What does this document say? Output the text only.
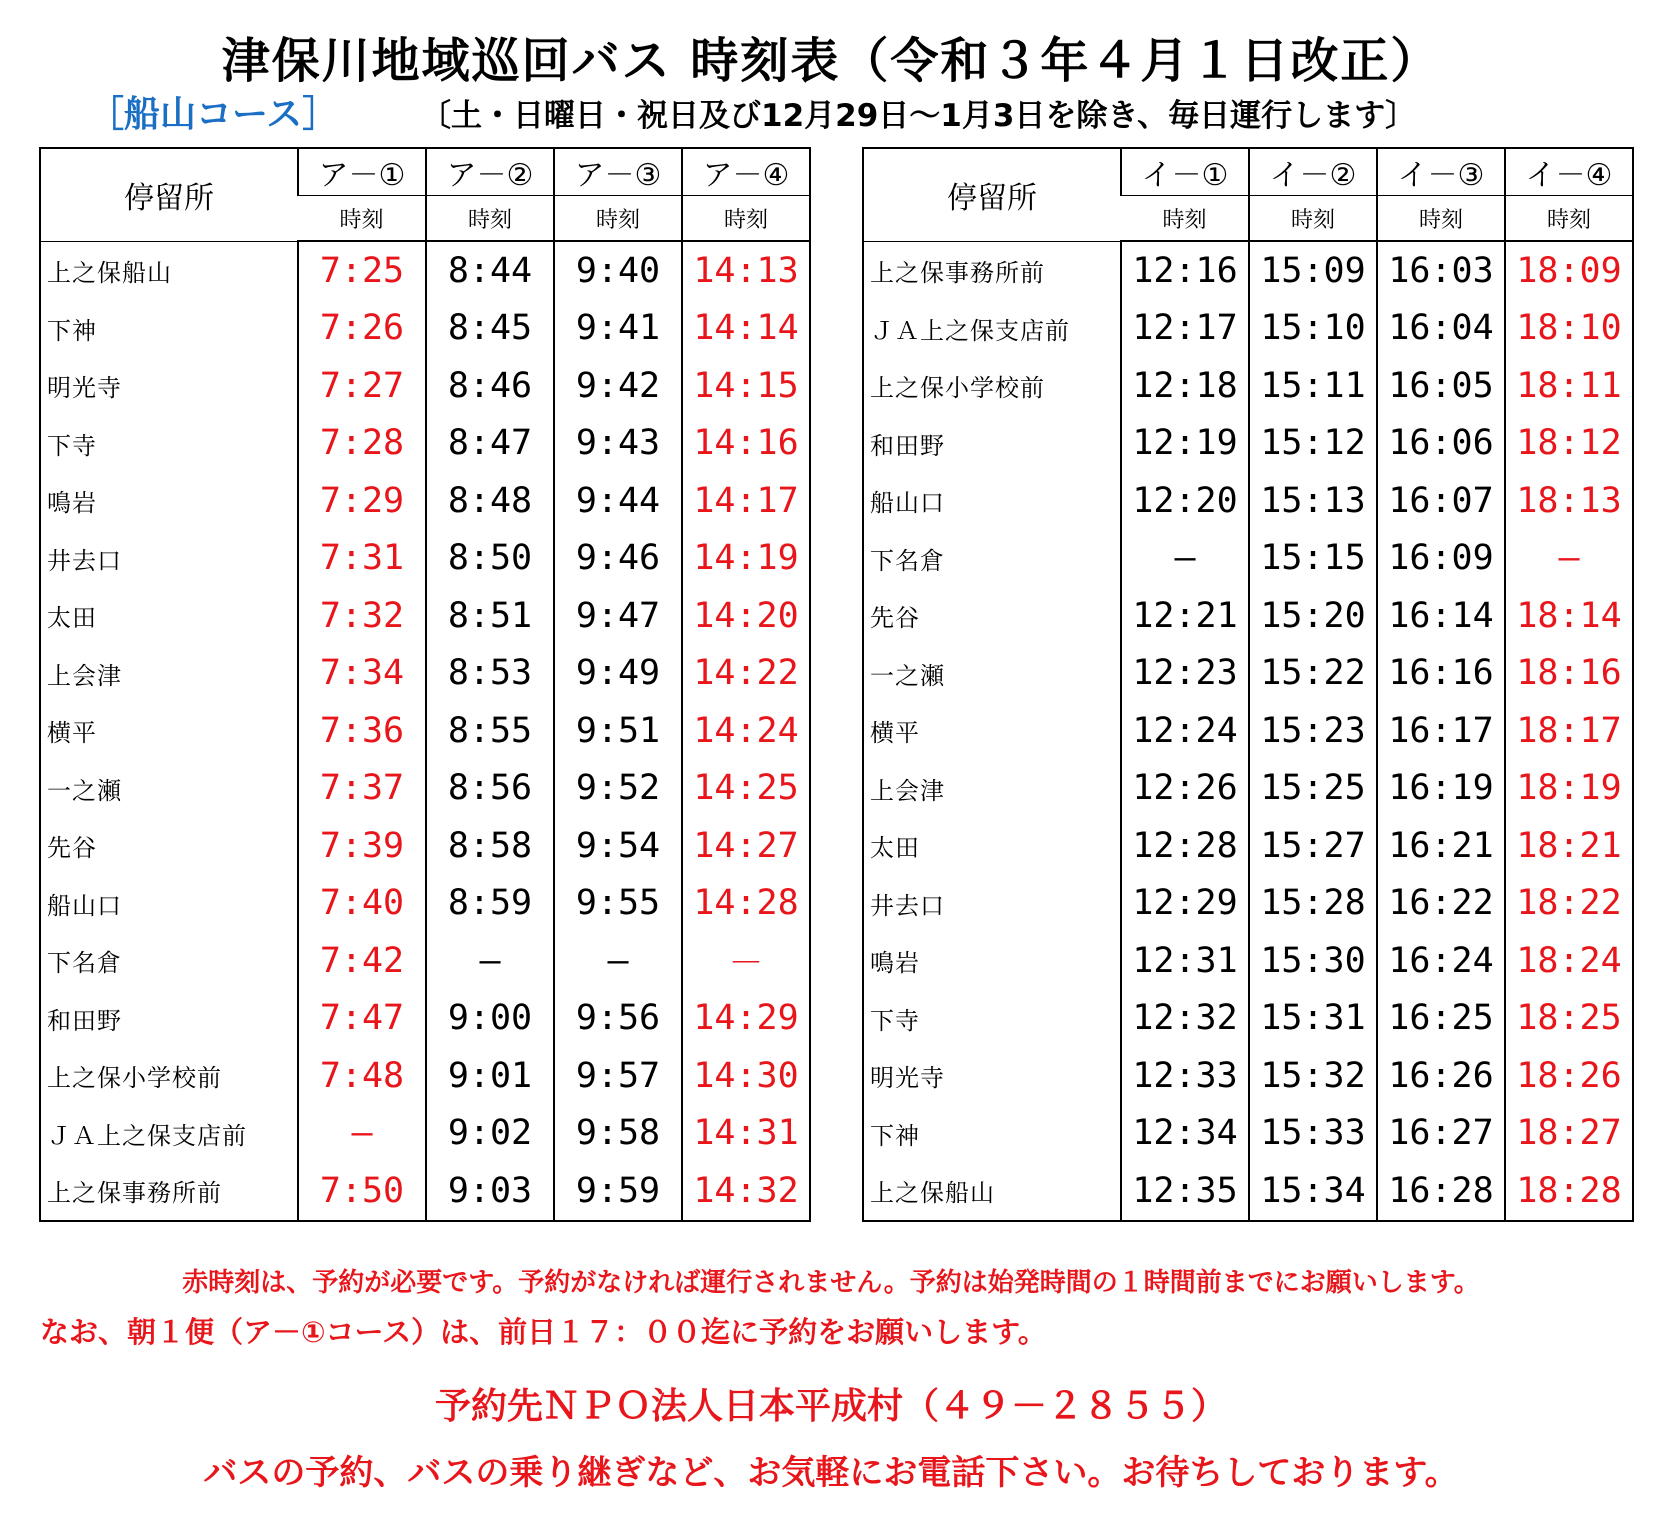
津保川地域巡回バス 時刻表（令和３年４月１日改正）
［船山コース］	〔土・日曜日・祝日及び12月29日～1月3日を除き、毎日運行します〕
停留所	ア－①	ア－②	ア－③	ア－④
	時刻	時刻	時刻	時刻
上之保船山	7:25	8:44	9:40	14:13
下神	7:26	8:45	9:41	14:14
明光寺	7:27	8:46	9:42	14:15
下寺	7:28	8:47	9:43	14:16
鳴岩	7:29	8:48	9:44	14:17
井去口	7:31	8:50	9:46	14:19
太田	7:32	8:51	9:47	14:20
上会津	7:34	8:53	9:49	14:22
横平	7:36	8:55	9:51	14:24
一之瀬	7:37	8:56	9:52	14:25
先谷	7:39	8:58	9:54	14:27
船山口	7:40	8:59	9:55	14:28
下名倉	7:42	―	―	－
和田野	7:47	9:00	9:56	14:29
上之保小学校前	7:48	9:01	9:57	14:30
ＪＡ上之保支店前	―	9:02	9:58	14:31
上之保事務所前	7:50	9:03	9:59	14:32
停留所	イ－①	イ－②	イ－③	イ－④
	時刻	時刻	時刻	時刻
上之保事務所前	12:16	15:09	16:03	18:09
ＪＡ上之保支店前	12:17	15:10	16:04	18:10
上之保小学校前	12:18	15:11	16:05	18:11
和田野	12:19	15:12	16:06	18:12
船山口	12:20	15:13	16:07	18:13
下名倉	―	15:15	16:09	―
先谷	12:21	15:20	16:14	18:14
一之瀬	12:23	15:22	16:16	18:16
横平	12:24	15:23	16:17	18:17
上会津	12:26	15:25	16:19	18:19
太田	12:28	15:27	16:21	18:21
井去口	12:29	15:28	16:22	18:22
鳴岩	12:31	15:30	16:24	18:24
下寺	12:32	15:31	16:25	18:25
明光寺	12:33	15:32	16:26	18:26
下神	12:34	15:33	16:27	18:27
上之保船山	12:35	15:34	16:28	18:28
赤時刻は、予約が必要です。予約がなければ運行されません。予約は始発時間の１時間前までにお願いします。
なお、朝１便（ア－①コース）は、前日１７：００迄に予約をお願いします。
予約先ＮＰＯ法人日本平成村（４９－２８５５）
バスの予約、バスの乗り継ぎなど、お気軽にお電話下さい。お待ちしております。
